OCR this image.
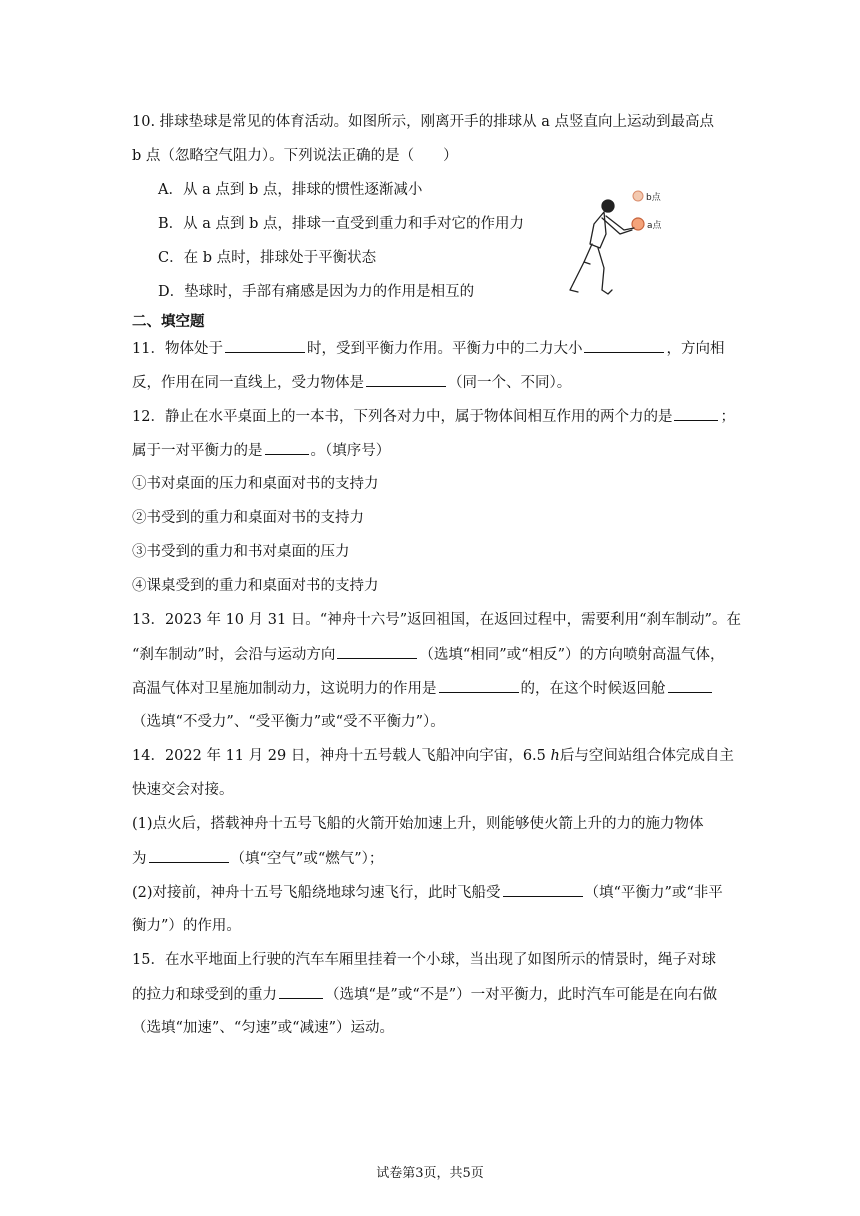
10. 排球垫球是常见的体育活动。如图所示，刚离开手的排球从 a 点竖直向上运动到最高点
b 点（忽略空气阻力）。下列说法正确的是（　　）
A．从 a 点到 b 点，排球的惯性逐渐减小
B．从 a 点到 b 点，排球一直受到重力和手对它的作用力
C．在 b 点时，排球处于平衡状态
D．垫球时，手部有痛感是因为力的作用是相互的
b点
a点
二、填空题
11．物体处于	时，受到平衡力作用。平衡力中的二力大小	，方向相
反，作用在同一直线上，受力物体是	（同一个、不同）。
12．静止在水平桌面上的一本书，下列各对力中，属于物体间相互作用的两个力的是	；
属于一对平衡力的是	。（填序号）
①书对桌面的压力和桌面对书的支持力
②书受到的重力和桌面对书的支持力
③书受到的重力和书对桌面的压力
④课桌受到的重力和桌面对书的支持力
13．2023 年 10 月 31 日。“神舟十六号”返回祖国，在返回过程中，需要利用“刹车制动”。在
“刹车制动”时，会沿与运动方向	（选填“相同”或“相反”）的方向喷射高温气体，
高温气体对卫星施加制动力，这说明力的作用是	的，在这个时候返回舱
（选填“不受力”、“受平衡力”或“受不平衡力”）。
14．2022 年 11 月 29 日，神舟十五号载人飞船冲向宇宙，6.5 h后与空间站组合体完成自主
快速交会对接。
(1)点火后，搭载神舟十五号飞船的火箭开始加速上升，则能够使火箭上升的力的施力物体
为	（填“空气”或“燃气”）；
(2)对接前，神舟十五号飞船绕地球匀速飞行，此时飞船受	（填“平衡力”或“非平
衡力”）的作用。
15．在水平地面上行驶的汽车车厢里挂着一个小球，当出现了如图所示的情景时，绳子对球
的拉力和球受到的重力	（选填“是”或“不是”）一对平衡力，此时汽车可能是在向右做
（选填“加速”、“匀速”或“减速”）运动。
试卷第3页，共5页
